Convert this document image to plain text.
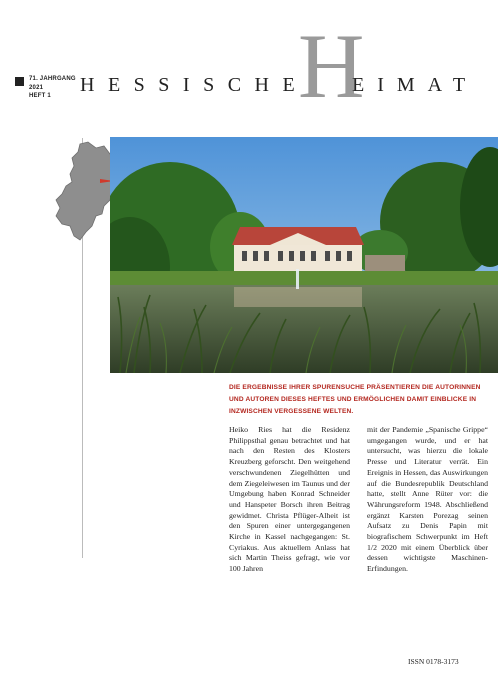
71. JAHRGANG
2021
HEFT 1	HESSISCHE
H
EIMAT
DIE ERGEBNISSE IHRER SPURENSUCHE PRÄSENTIEREN DIE AUTORINNEN UND AUTOREN DIESES HEFTES UND ERMÖGLICHEN DAMIT EINBLICKE IN INZWISCHEN VERGESSENE WELTEN.
Heiko Ries hat die Residenz Philippsthal genau betrachtet und hat nach den Resten des Klosters Kreuzberg geforscht. Den weitgehend verschwundenen Ziegelhütten und dem Ziegeleiwesen im Taunus und der Umgebung haben Konrad Schneider und Hanspeter Borsch ihren Beitrag gewidmet. Christa Pflüger-Alheit ist den Spuren einer untergegangenen Kirche in Kassel nachgegangen: St. Cyriakus. Aus aktuellem Anlass hat sich Martin Theiss gefragt, wie vor 100 Jahren
mit der Pandemie „Spanische Grippe“ umgegangen wurde, und er hat untersucht, was hierzu die lokale Presse und Literatur verrät. Ein Ereignis in Hessen, das Auswirkungen auf die Bundesrepublik Deutschland hatte, stellt Anne Rüter vor: die Währungsreform 1948. Abschließend ergänzt Karsten Porezag seinen Aufsatz zu Denis Papin mit biografischem Schwerpunkt im Heft 1/2 2020 mit einem Überblick über dessen wichtigste Maschinen-Erfindungen.
ISSN 0178-3173
